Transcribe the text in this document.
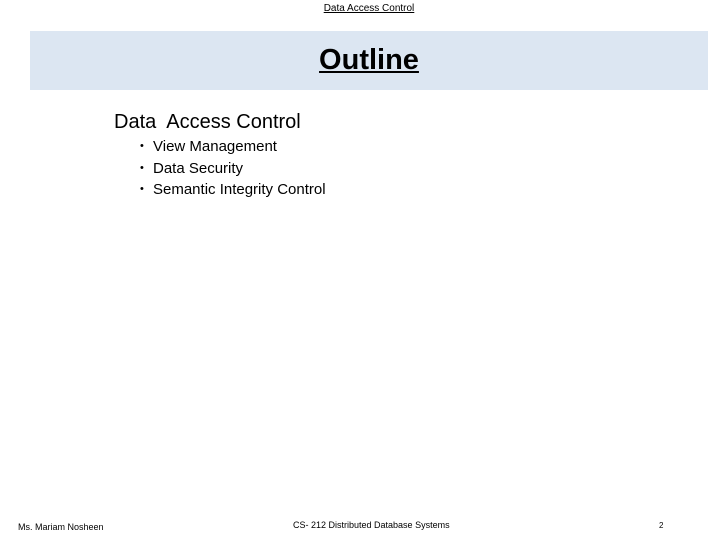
Data Access Control
Outline
Data  Access Control
• View Management
• Data Security
• Semantic Integrity Control
Ms. Mariam Nosheen	CS- 212 Distributed Database Systems	2
